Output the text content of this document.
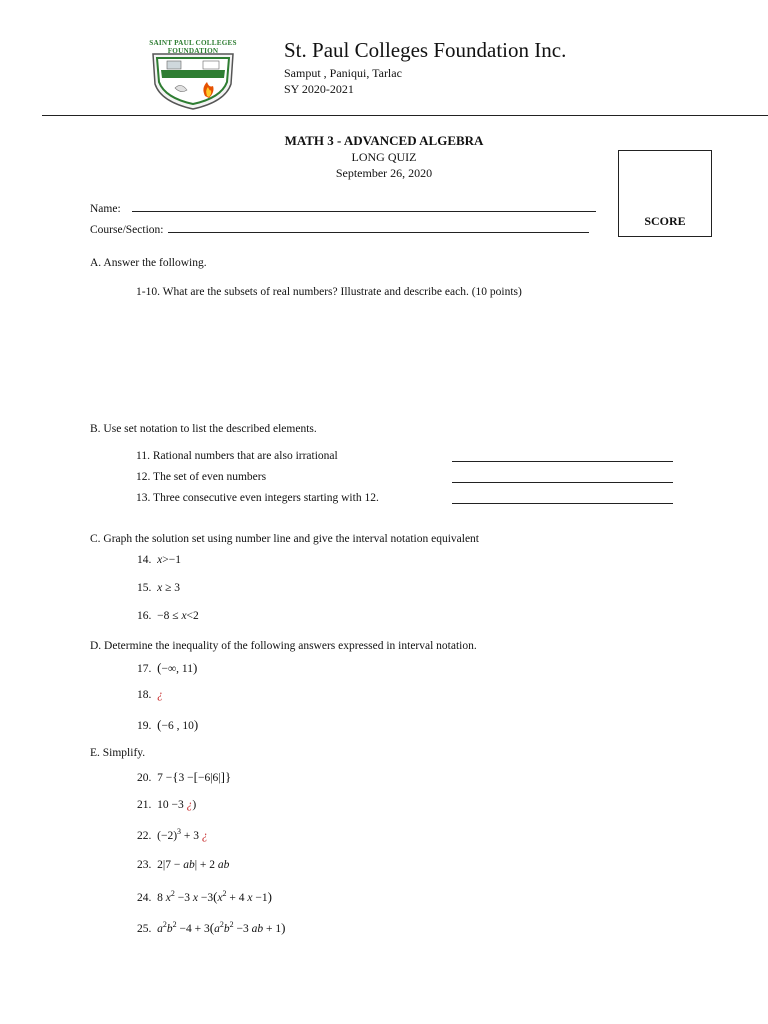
SAINT PAUL COLLEGES
FOUNDATION	St. Paul Colleges Foundation Inc.
Samput , Paniqui, Tarlac
SY 2020-2021
MATH 3 - ADVANCED ALGEBRA
LONG QUIZ
September 26, 2020
SCORE
Name:
Course/Section:
A. Answer the following.
1-10. What are the subsets of real numbers? Illustrate and describe each. (10 points)
B. Use set notation to list the described elements.
11. Rational numbers that are also irrational
12. The set of even numbers
13. Three consecutive even integers starting with 12.
C. Graph the solution set using number line and give the interval notation equivalent
14. x>−1
15. x ≥ 3
16.  −8 ≤ x<2
D. Determine the inequality of the following answers expressed in interval notation.
17. (−∞, 11)
18. ¿
19. (−6 , 10)
E. Simplify.
20.  7 −{3 −[−6|6|]}
21.  10 −3 ¿)
22.  $(-2)^3 + 3$ ¿
23.  2|7 − ab| + 2 ab
24.  8 $x^2 -3$ $x -3(x^2 + 4$ x −1)
25. $a^2b^2 -4 + 3(a^2b^2 -3$ ab + 1)
